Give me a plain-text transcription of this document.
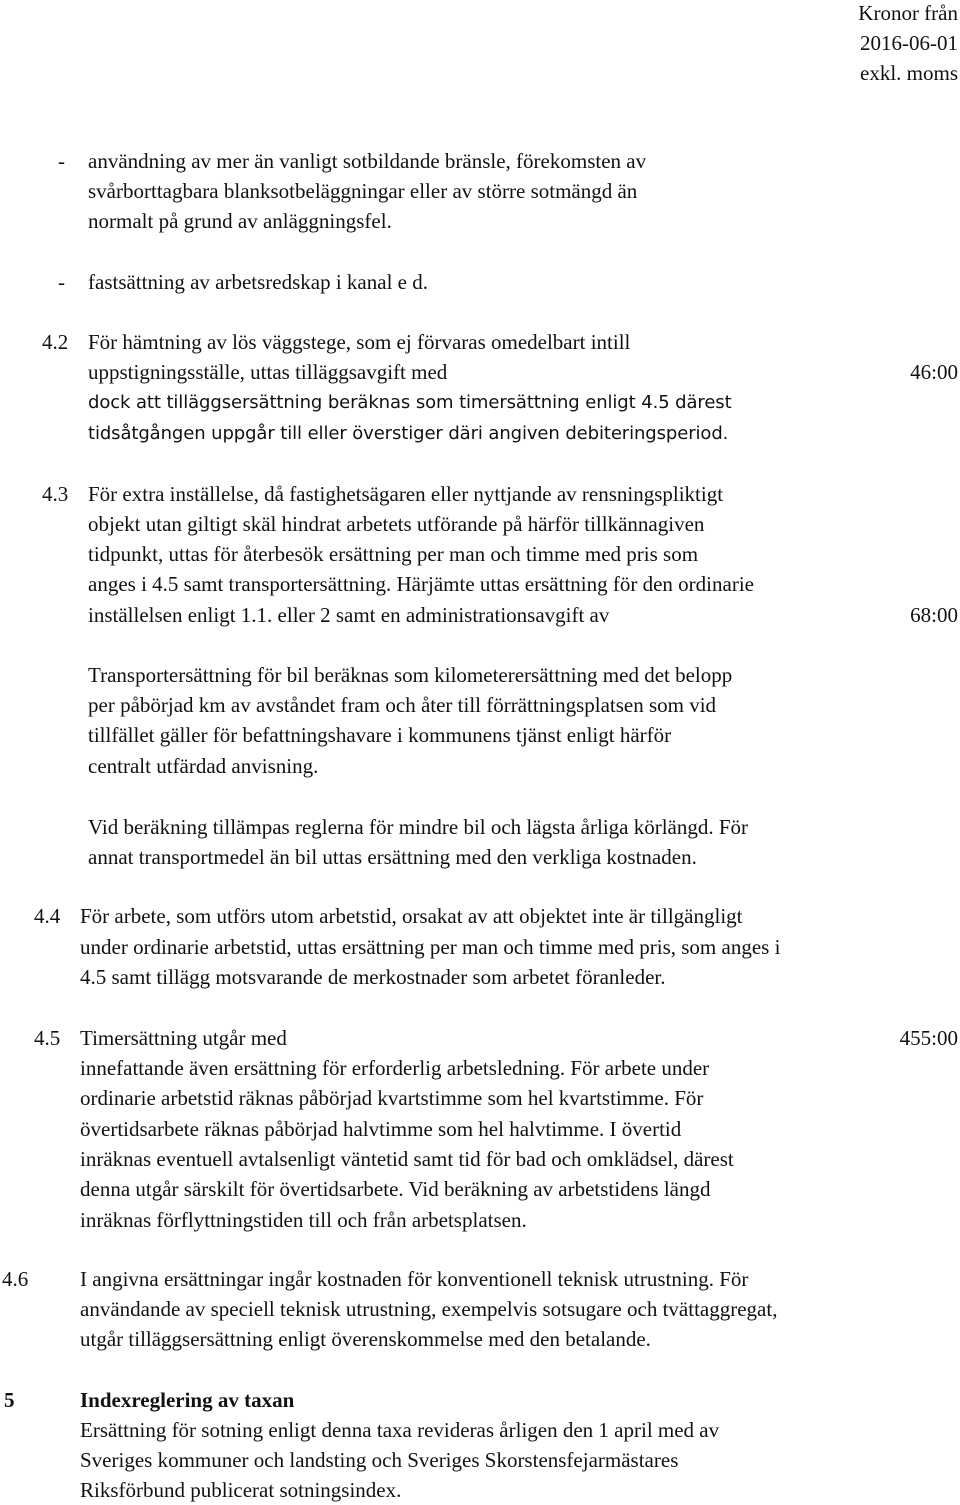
Kronor från
2016-06-01
exkl. moms
- användning av mer än vanligt sotbildande bränsle, förekomsten av
svårborttagbara blanksotbeläggningar eller av större sotmängd än
normalt på grund av anläggningsfel.
- fastsättning av arbetsredskap i kanal e d.
4.2 För hämtning av lös väggstege, som ej förvaras omedelbart intill
uppstigningsställe, uttas tilläggsavgift med	46:00
dock att tilläggsersättning beräknas som timersättning enligt 4.5 därest
tidsåtgången uppgår till eller överstiger däri angiven debiteringsperiod.
4.3 För extra inställelse, då fastighetsägaren eller nyttjande av rensningspliktigt
objekt utan giltigt skäl hindrat arbetets utförande på härför tillkännagiven
tidpunkt, uttas för återbesök ersättning per man och timme med pris som
anges i 4.5 samt transportersättning. Härjämte uttas ersättning för den ordinarie
inställelsen enligt 1.1. eller 2 samt en administrationsavgift av	68:00
Transportersättning för bil beräknas som kilometerersättning med det belopp
per påbörjad km av avståndet fram och åter till förrättningsplatsen som vid
tillfället gäller för befattningshavare i kommunens tjänst enligt härför
centralt utfärdad anvisning.
Vid beräkning tillämpas reglerna för mindre bil och lägsta årliga körlängd. För
annat transportmedel än bil uttas ersättning med den verkliga kostnaden.
4.4 För arbete, som utförs utom arbetstid, orsakat av att objektet inte är tillgängligt
under ordinarie arbetstid, uttas ersättning per man och timme med pris, som anges i
4.5 samt tillägg motsvarande de merkostnader som arbetet föranleder.
4.5 Timersättning utgår med	455:00
innefattande även ersättning för erforderlig arbetsledning. För arbete under
ordinarie arbetstid räknas påbörjad kvartstimme som hel kvartstimme. För
övertidsarbete räknas påbörjad halvtimme som hel halvtimme. I övertid
inräknas eventuell avtalsenligt väntetid samt tid för bad och omklädsel, därest
denna utgår särskilt för övertidsarbete. Vid beräkning av arbetstidens längd
inräknas förflyttningstiden till och från arbetsplatsen.
4.6 I angivna ersättningar ingår kostnaden för konventionell teknisk utrustning. För
användande av speciell teknisk utrustning, exempelvis sotsugare och tvättaggregat,
utgår tilläggsersättning enligt överenskommelse med den betalande.
5	Indexreglering av taxan
Ersättning för sotning enligt denna taxa revideras årligen den 1 april med av
Sveriges kommuner och landsting och Sveriges Skorstensfejarmästares
Riksförbund publicerat sotningsindex.
